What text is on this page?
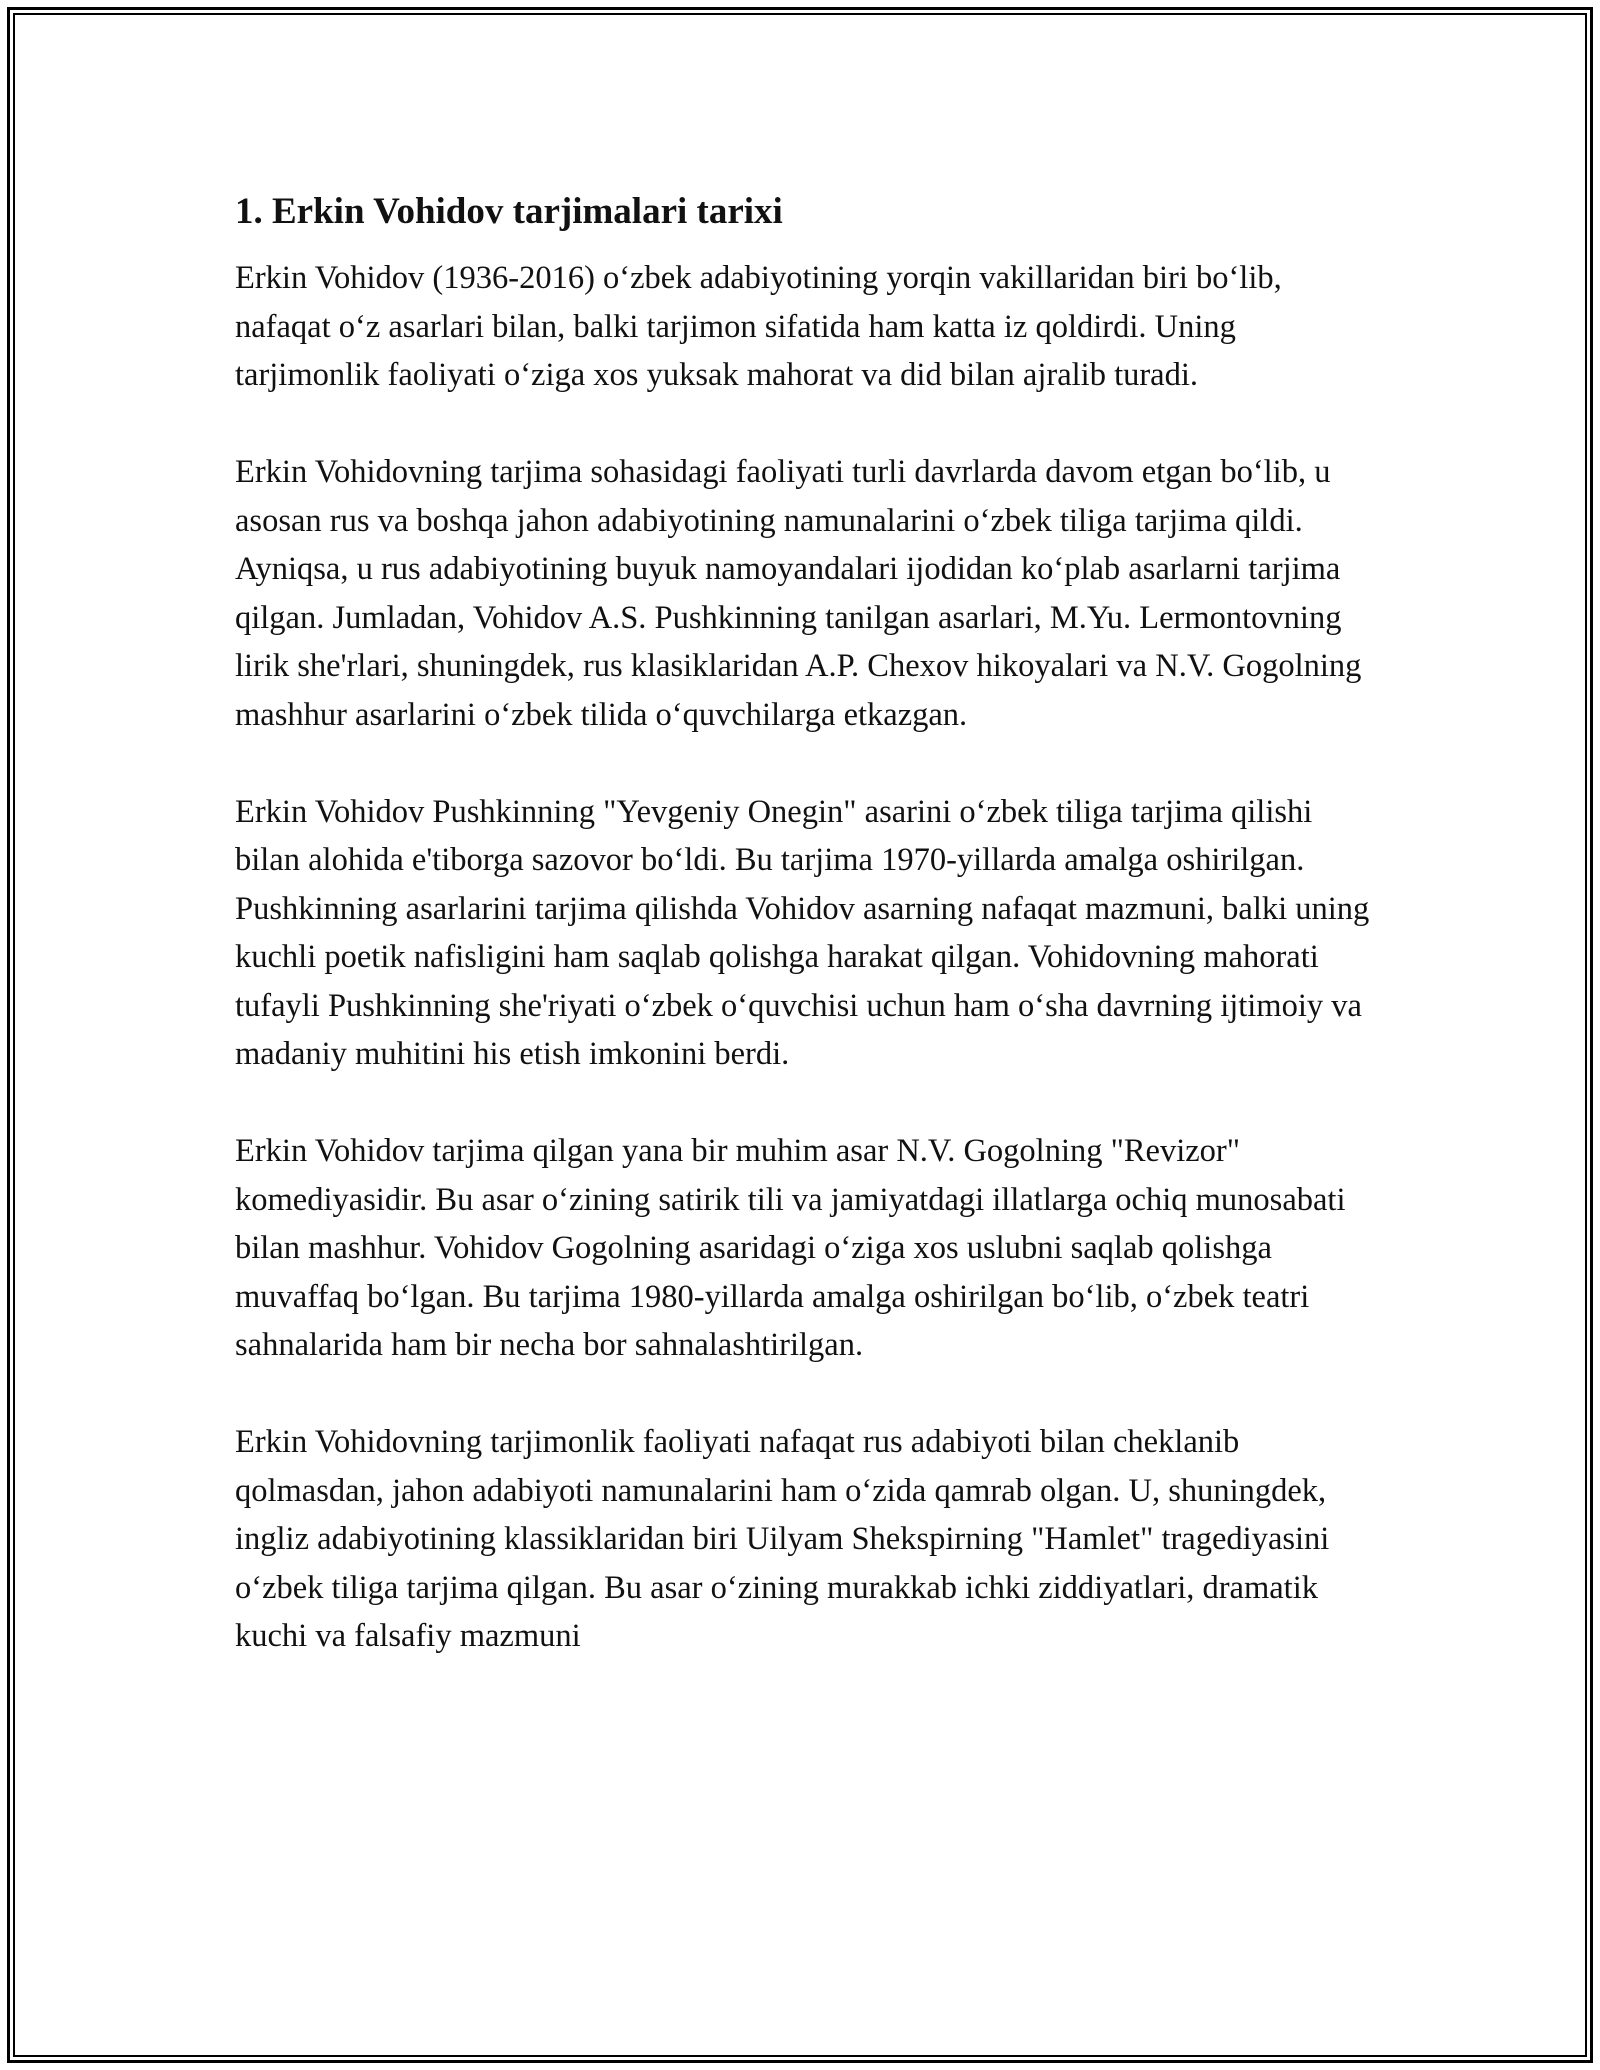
1. Erkin Vohidov tarjimalari tarixi

Erkin Vohidov (1936-2016) o‘zbek adabiyotining yorqin vakillaridan biri bo‘lib, nafaqat o‘z asarlari bilan, balki tarjimon sifatida ham katta iz qoldirdi. Uning tarjimonlik faoliyati o‘ziga xos yuksak mahorat va did bilan ajralib turadi.

Erkin Vohidovning tarjima sohasidagi faoliyati turli davrlarda davom etgan bo‘lib, u asosan rus va boshqa jahon adabiyotining namunalarini o‘zbek tiliga tarjima qildi. Ayniqsa, u rus adabiyotining buyuk namoyandalari ijodidan ko‘plab asarlarni tarjima qilgan. Jumladan, Vohidov A.S. Pushkinning tanilgan asarlari, M.Yu. Lermontovning lirik she'rlari, shuningdek, rus klasiklaridan A.P. Chexov hikoyalari va N.V. Gogolning mashhur asarlarini o‘zbek tilida o‘quvchilarga etkazgan.

Erkin Vohidov Pushkinning "Yevgeniy Onegin" asarini o‘zbek tiliga tarjima qilishi bilan alohida e'tiborga sazovor bo‘ldi. Bu tarjima 1970-yillarda amalga oshirilgan. Pushkinning asarlarini tarjima qilishda Vohidov asarning nafaqat mazmuni, balki uning kuchli poetik nafisligini ham saqlab qolishga harakat qilgan. Vohidovning mahorati tufayli Pushkinning she'riyati o‘zbek o‘quvchisi uchun ham o‘sha davrning ijtimoiy va madaniy muhitini his etish imkonini berdi.

Erkin Vohidov tarjima qilgan yana bir muhim asar N.V. Gogolning "Revizor" komediyasidir. Bu asar o‘zining satirik tili va jamiyatdagi illatlarga ochiq munosabati bilan mashhur. Vohidov Gogolning asaridagi o‘ziga xos uslubni saqlab qolishga muvaffaq bo‘lgan. Bu tarjima 1980-yillarda amalga oshirilgan bo‘lib, o‘zbek teatri sahnalarida ham bir necha bor sahnalashtirilgan.

Erkin Vohidovning tarjimonlik faoliyati nafaqat rus adabiyoti bilan cheklanib qolmasdan, jahon adabiyoti namunalarini ham o‘zida qamrab olgan. U, shuningdek, ingliz adabiyotining klassiklaridan biri Uilyam Shekspirning "Hamlet" tragediyasini o‘zbek tiliga tarjima qilgan. Bu asar o‘zining murakkab ichki ziddiyatlari, dramatik kuchi va falsafiy mazmuni
